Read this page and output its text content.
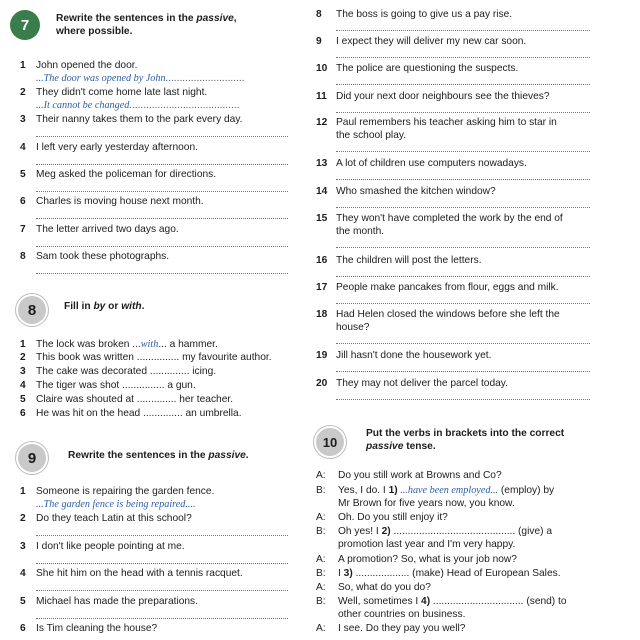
7	Rewrite the sentences in the passive,
where possible.
1 John opened the door.
...The door was opened by John............................
2 They didn't come home late last night.
...It cannot be changed.......................................
3 Their nanny takes them to the park every day.
4 I left very early yesterday afternoon.
5 Meg asked the policeman for directions.
6 Charles is moving house next month.
7 The letter arrived two days ago.
8 Sam took these photographs.
8	Fill in by or with.
1 The lock was broken ...with... a hammer.
2 This book was written ............... my favourite author.
3 The cake was decorated .............. icing.
4 The tiger was shot ............... a gun.
5 Claire was shouted at .............. her teacher.
6 He was hit on the head .............. an umbrella.
9	Rewrite the sentences in the passive.
1 Someone is repairing the garden fence.
...The garden fence is being repaired....
2 Do they teach Latin at this school?
3 I don't like people pointing at me.
4 She hit him on the head with a tennis racquet.
5 Michael has made the preparations.
6 Is Tim cleaning the house?
8 The boss is going to give us a pay rise.
9 I expect they will deliver my new car soon.
10 The police are questioning the suspects.
11 Did your next door neighbours see the thieves?
12 Paul remembers his teacher asking him to star in
the school play.
13 A lot of children use computers nowadays.
14 Who smashed the kitchen window?
15 They won't have completed the work by the end of
the month.
16 The children will post the letters.
17 People make pancakes from flour, eggs and milk.
18 Had Helen closed the windows before she left the
house?
19 Jill hasn't done the housework yet.
20 They may not deliver the parcel today.
10
Put the verbs in brackets into the correct
passive tense.
A: Do you still work at Browns and Co?
B: Yes, I do. I 1) ...have been employed... (employ) by
Mr Brown for five years now, you know.
A: Oh. Do you still enjoy it?
B: Oh yes! I 2) ........................................... (give) a
promotion last year and I'm very happy.
A: A promotion? So, what is your job now?
B: I 3) ................... (make) Head of European Sales.
A: So, what do you do?
B: Well, sometimes I 4) ................................ (send) to
other countries on business.
A: I see. Do they pay you well?
